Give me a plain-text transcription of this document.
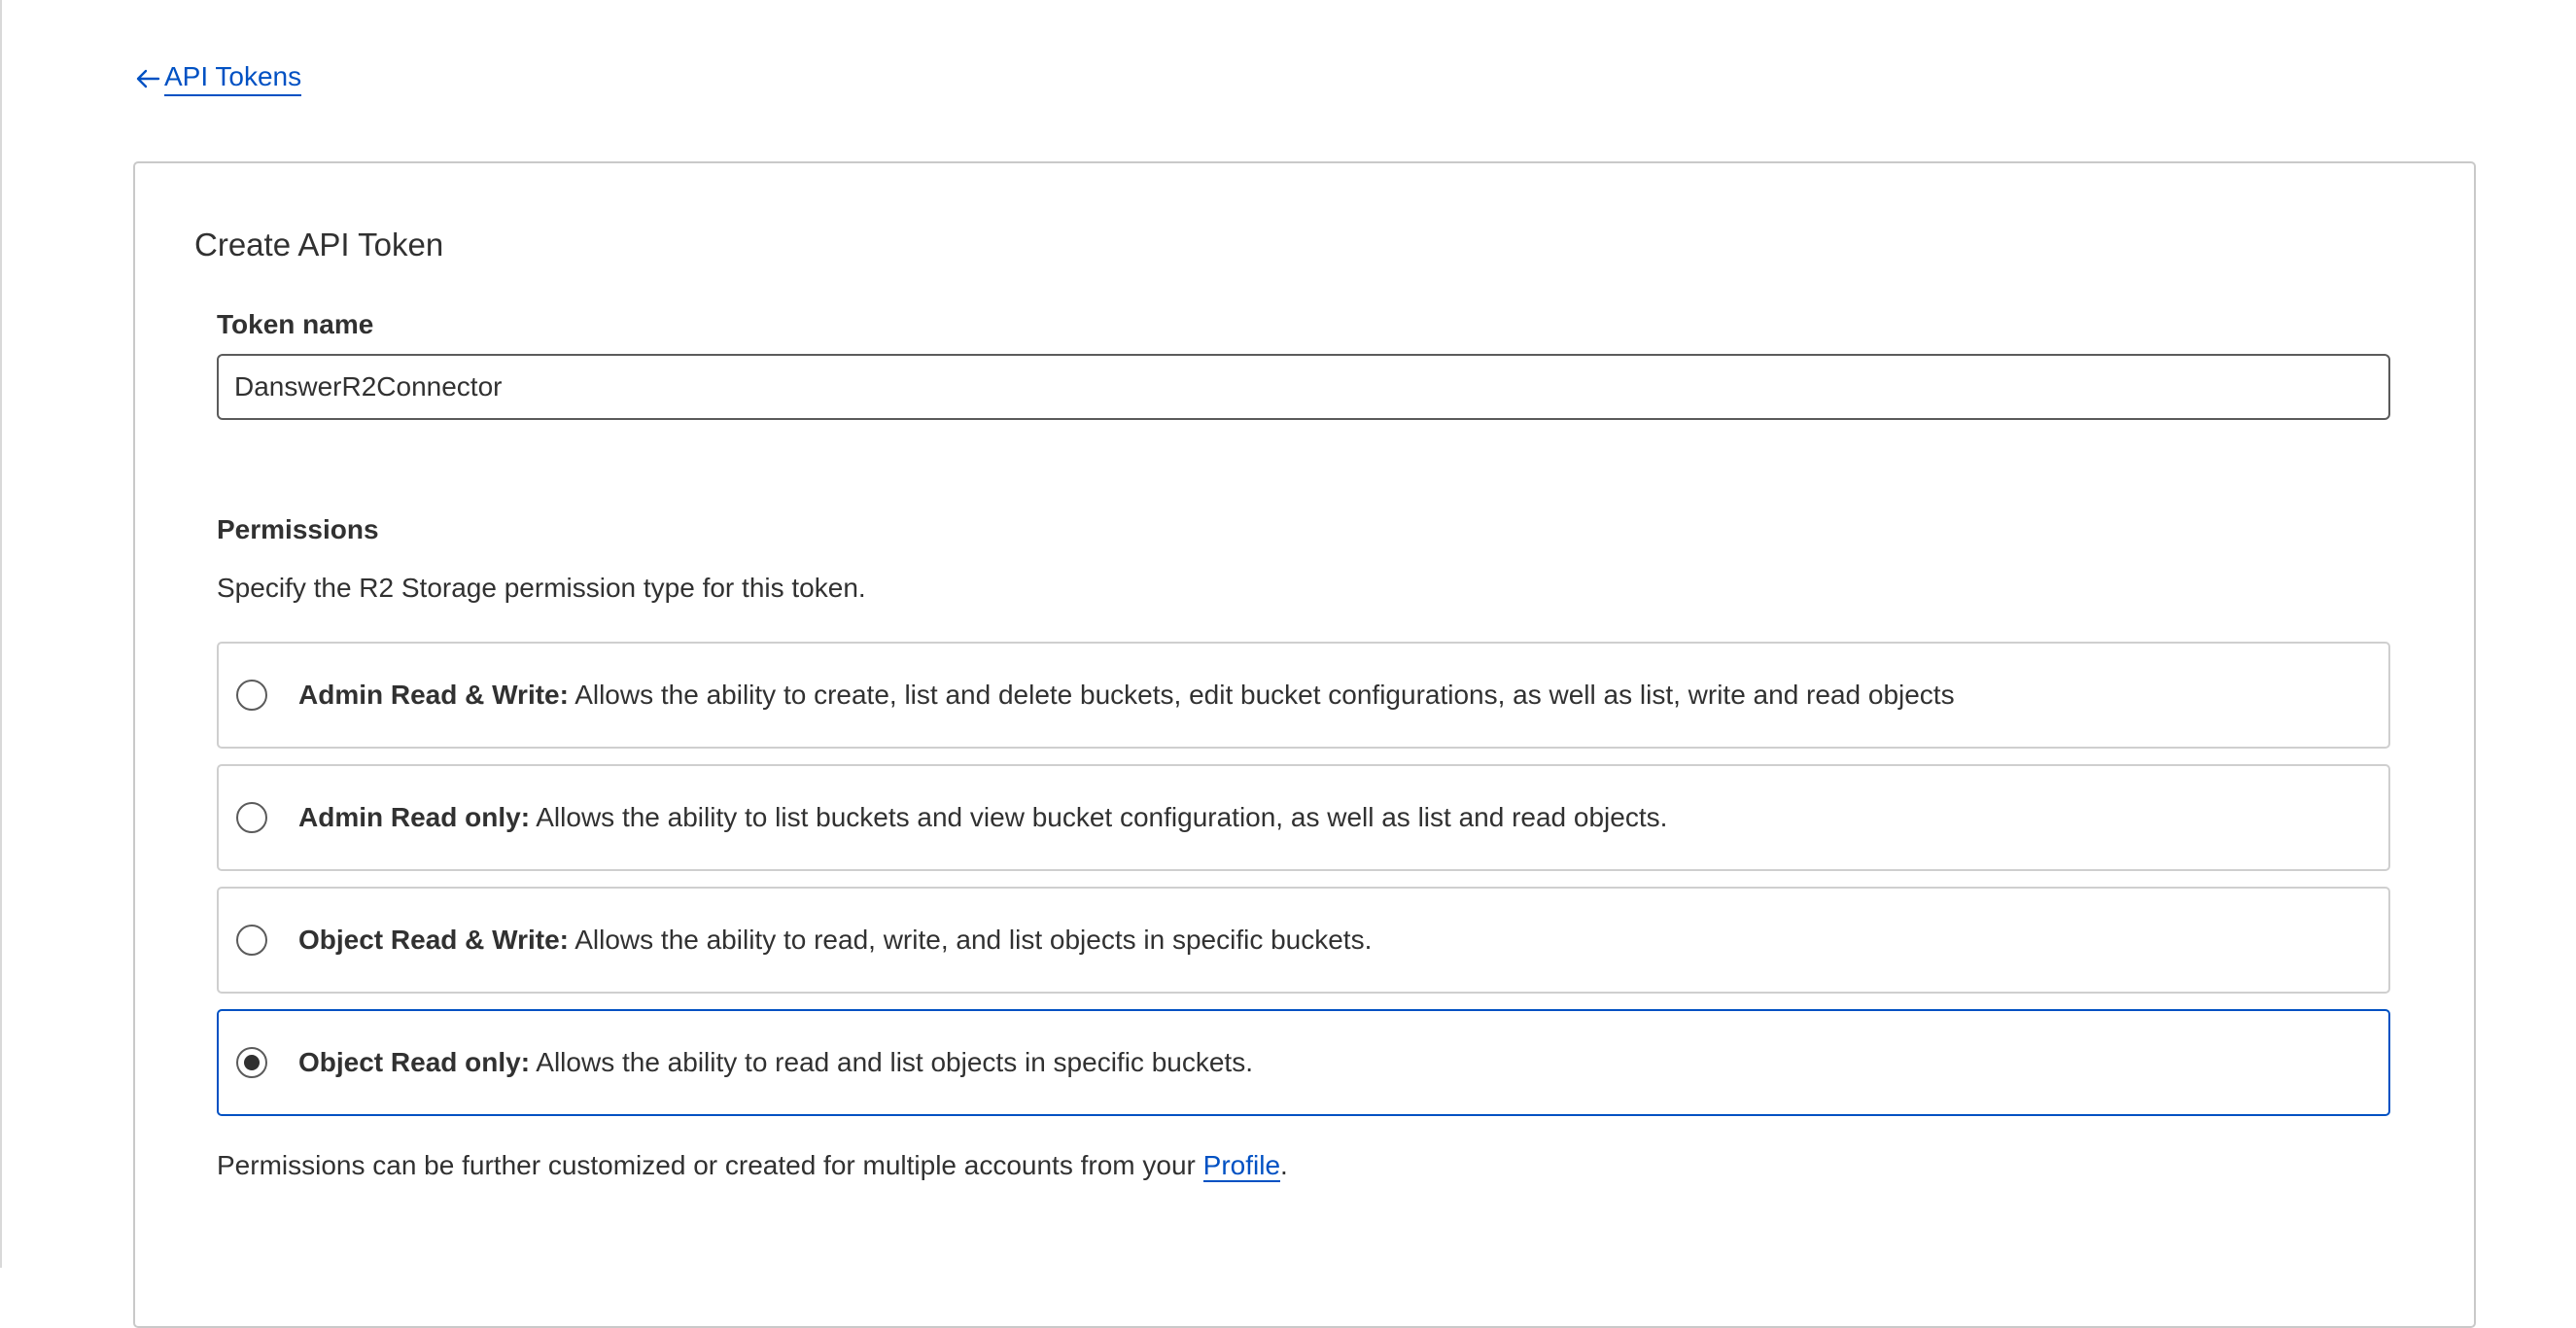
API Tokens
Create API Token
Token name
DanswerR2Connector
Permissions
Specify the R2 Storage permission type for this token.
Admin Read & Write: Allows the ability to create, list and delete buckets, edit bucket configurations, as well as list, write and read objects
Admin Read only: Allows the ability to list buckets and view bucket configuration, as well as list and read objects.
Object Read & Write: Allows the ability to read, write, and list objects in specific buckets.
Object Read only: Allows the ability to read and list objects in specific buckets.
Permissions can be further customized or created for multiple accounts from your Profile.
